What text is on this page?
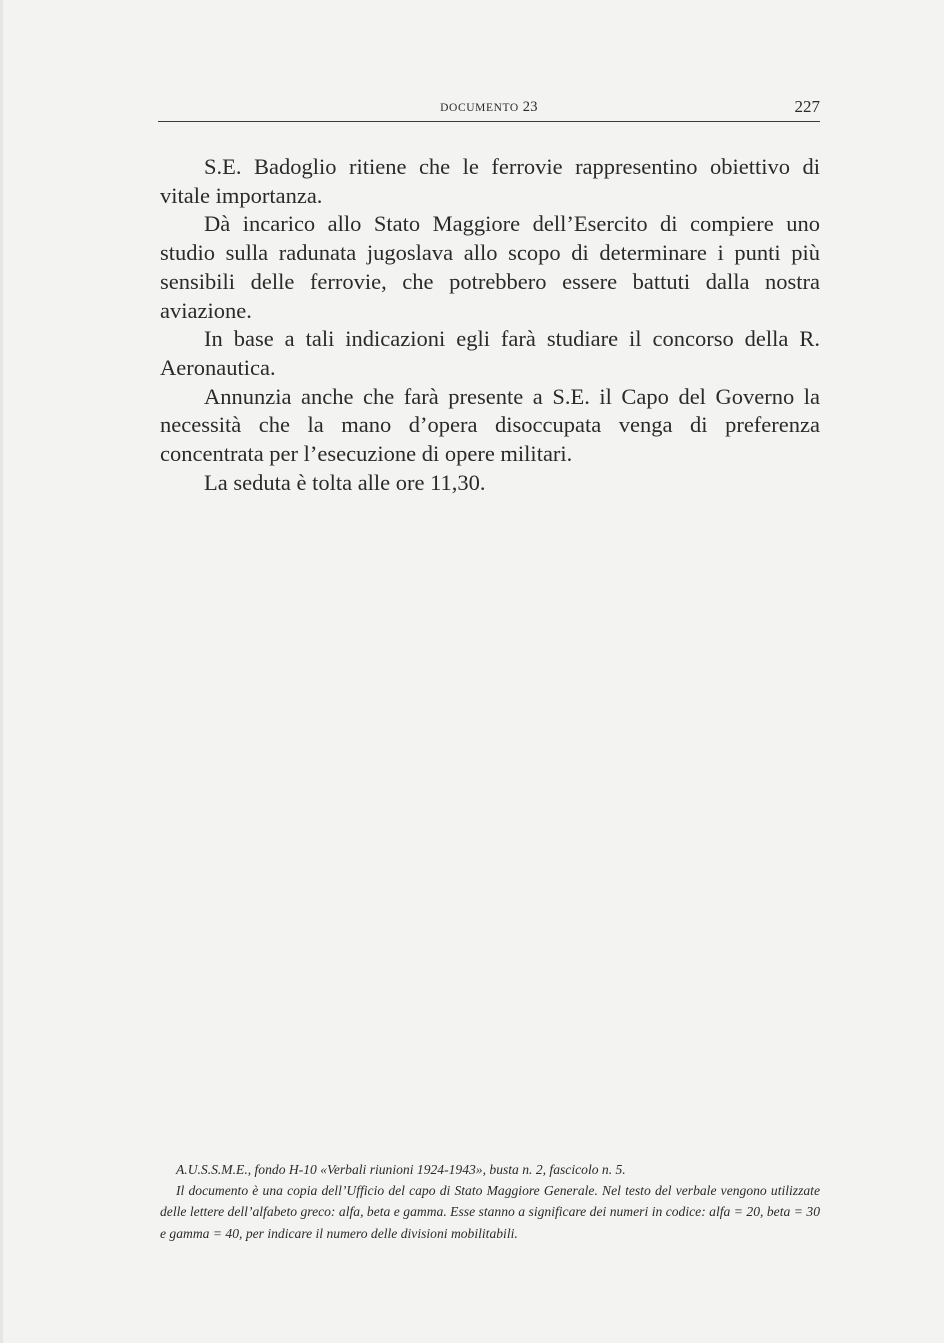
DOCUMENTO 23	227

S.E. Badoglio ritiene che le ferrovie rappresentino obiettivo di vitale importanza.

Dà incarico allo Stato Maggiore dell’Esercito di compiere uno studio sulla radunata jugoslava allo scopo di determinare i punti più sensibili delle ferrovie, che potrebbero essere battuti dalla nostra aviazione.

In base a tali indicazioni egli farà studiare il concorso della R. Aeronautica.

Annunzia anche che farà presente a S.E. il Capo del Governo la necessità che la mano d’opera disoccupata venga di preferenza concentrata per l’esecuzione di opere militari.

La seduta è tolta alle ore 11,30.

A.U.S.S.M.E., fondo H-10 «Verbali riunioni 1924-1943», busta n. 2, fascicolo n. 5.

Il documento è una copia dell’Ufficio del capo di Stato Maggiore Generale. Nel testo del verbale vengono utilizzate delle lettere dell’alfabeto greco: alfa, beta e gamma. Esse stanno a significare dei numeri in codice: alfa = 20, beta = 30 e gamma = 40, per indicare il numero delle divisioni mobilitabili.
